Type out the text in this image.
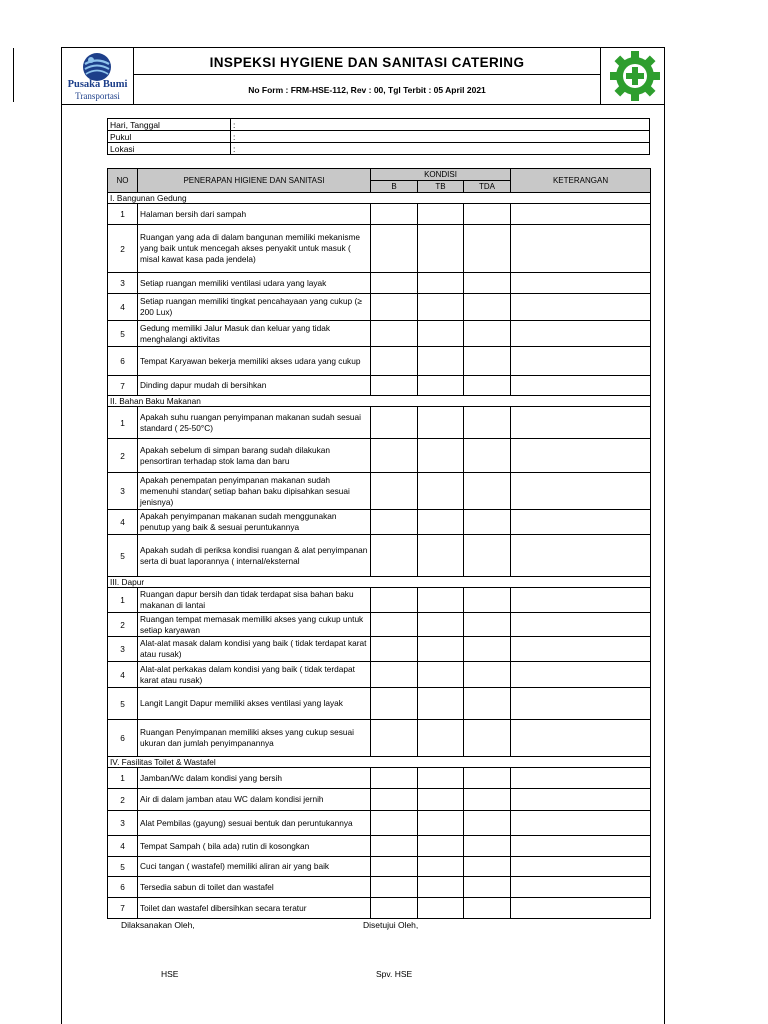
Pusaka Bumi
Transportasi
INSPEKSI HYGIENE DAN SANITASI CATERING
No Form : FRM-HSE-112, Rev : 00, Tgl Terbit : 05 April 2021
Hari, Tanggal	:
Pukul	:
Lokasi	:
NO	PENERAPAN HIGIENE DAN SANITASI	KONDISI			KETERANGAN
		B	TB	TDA	
I. Bangunan Gedung					
1	Halaman bersih dari sampah				
2	Ruangan yang ada di dalam bangunan memiliki mekanisme yang baik untuk mencegah akses penyakit untuk masuk ( misal kawat kasa pada jendela)				
3	Setiap ruangan memiliki ventilasi udara yang layak				
4	Setiap ruangan memiliki tingkat pencahayaan yang cukup (≥ 200 Lux)				
5	Gedung memiliki Jalur Masuk dan keluar yang tidak menghalangi aktivitas				
6	Tempat Karyawan bekerja memiliki akses udara yang cukup				
7	Dinding dapur mudah di bersihkan				
II. Bahan Baku Makanan					
1	Apakah suhu ruangan penyimpanan makanan sudah sesuai standard ( 25-50°C)				
2	Apakah sebelum di simpan barang sudah dilakukan pensortiran terhadap stok lama dan baru				
3	Apakah penempatan penyimpanan makanan sudah memenuhi standar( setiap bahan baku dipisahkan sesuai jenisnya)				
4	Apakah penyimpanan makanan sudah menggunakan penutup yang baik & sesuai peruntukannya				
5	Apakah sudah di periksa kondisi ruangan & alat penyimpanan serta di buat laporannya ( internal/eksternal				
III. Dapur					
1	Ruangan dapur bersih dan tidak terdapat sisa bahan baku makanan di lantai				
2	Ruangan tempat memasak memiliki akses yang cukup untuk setiap karyawan				
3	Alat-alat masak dalam kondisi yang baik ( tidak terdapat karat atau rusak)				
4	Alat-alat perkakas dalam kondisi yang baik ( tidak terdapat karat atau rusak)				
5	Langit Langit Dapur memiliki akses ventilasi yang layak				
6	Ruangan Penyimpanan memiliki akses yang cukup sesuai ukuran dan jumlah penyimpanannya				
IV. Fasilitas Toilet & Wastafel					
1	Jamban/Wc dalam kondisi yang bersih				
2	Air di dalam jamban atau WC dalam kondisi jernih				
3	Alat Pembilas (gayung) sesuai bentuk dan peruntukannya				
4	Tempat Sampah ( bila ada) rutin di kosongkan				
5	Cuci tangan ( wastafel) memiliki aliran air yang baik				
6	Tersedia sabun di toilet dan wastafel				
7	Toilet dan wastafel dibersihkan secara teratur				
Dilaksanakan Oleh,	Disetujui Oleh,
HSE	Spv. HSE
